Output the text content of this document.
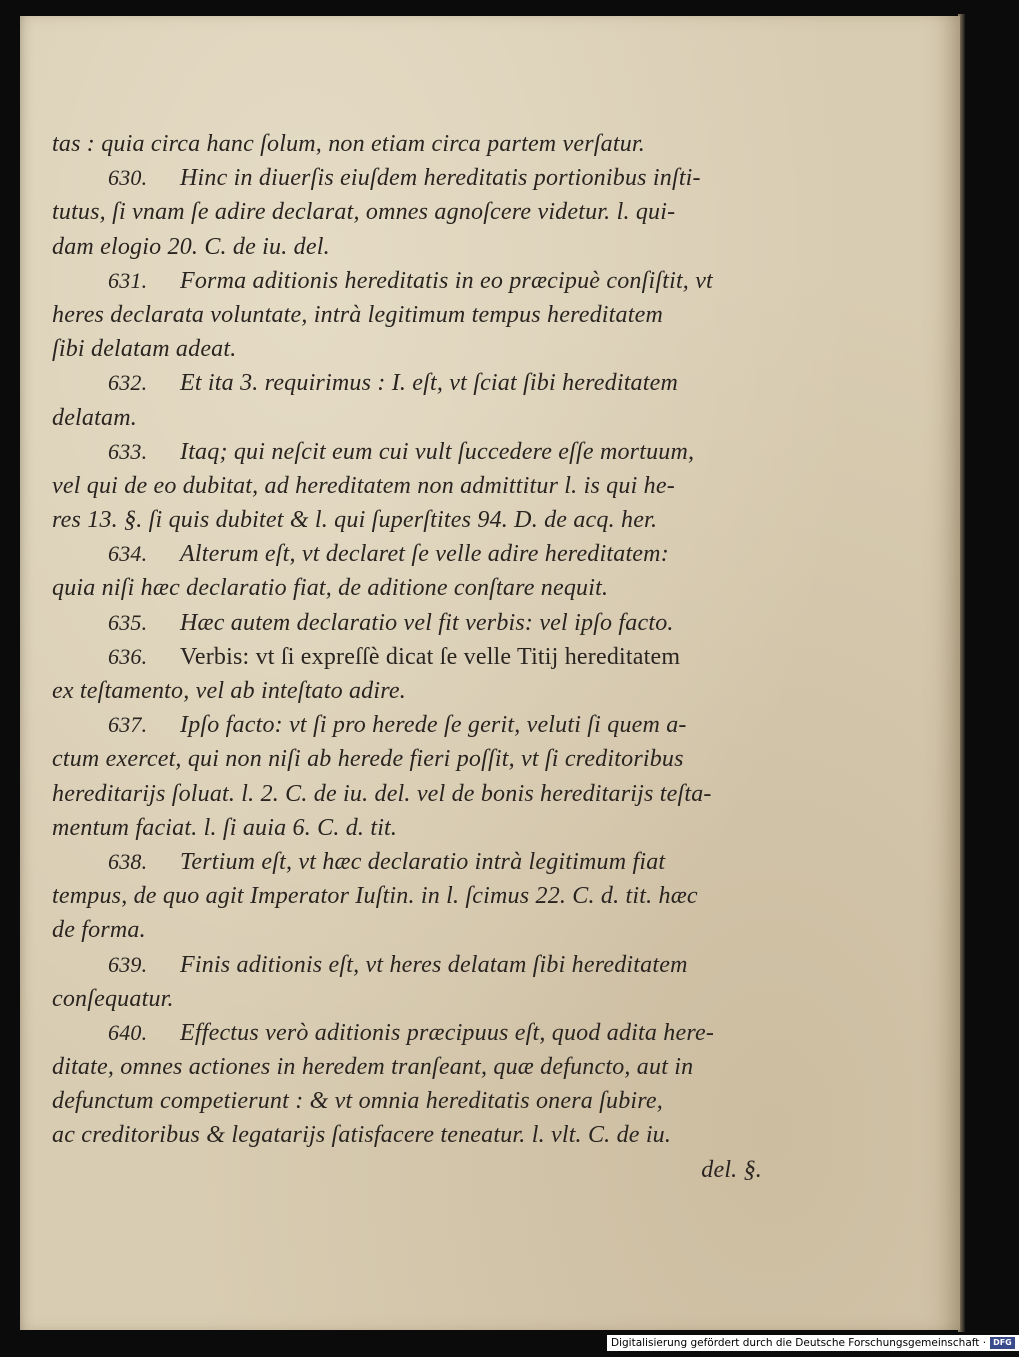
tas : quia circa hanc ſolum, non etiam circa partem verſatur.
630. Hinc in diuerſis eiuſdem hereditatis portionibus inſti-
tutus, ſi vnam ſe adire declarat, omnes agnoſcere videtur. l. qui-
dam elogio 20. C. de iu. del.
631. Forma aditionis hereditatis in eo præcipuè conſiſtit, vt
heres declarata voluntate, intrà legitimum tempus hereditatem
ſibi delatam adeat.
632. Et ita 3. requirimus : I. eſt, vt ſciat ſibi hereditatem
delatam.
633. Itaq; qui neſcit eum cui vult ſuccedere eſſe mortuum,
vel qui de eo dubitat, ad hereditatem non admittitur l. is qui he-
res 13. §. ſi quis dubitet & l. qui ſuperſtites 94. D. de acq. her.
634. Alterum eſt, vt declaret ſe velle adire hereditatem:
quia niſi hæc declaratio fiat, de aditione conſtare nequit.
635. Hæc autem declaratio vel fit verbis: vel ipſo facto.
636. Verbis: vt ſi expreſſè dicat ſe velle Titij hereditatem
ex teſtamento, vel ab inteſtato adire.
637. Ipſo facto: vt ſi pro herede ſe gerit, veluti ſi quem a-
ctum exercet, qui non niſi ab herede fieri poſſit, vt ſi creditoribus
hereditarijs ſoluat. l. 2. C. de iu. del. vel de bonis hereditarijs teſta-
mentum faciat. l. ſi auia 6. C. d. tit.
638. Tertium eſt, vt hæc declaratio intrà legitimum fiat
tempus, de quo agit Imperator Iuſtin. in l. ſcimus 22. C. d. tit. hæc
de forma.
639. Finis aditionis eſt, vt heres delatam ſibi hereditatem
conſequatur.
640. Effectus verò aditionis præcipuus eſt, quod adita here-
ditate, omnes actiones in heredem tranſeant, quæ defuncto, aut in
defunctum competierunt : & vt omnia hereditatis onera ſubire,
ac creditoribus & legatarijs ſatisfacere teneatur. l. vlt. C. de iu.
del. §.
Digitalisierung gefördert durch die Deutsche Forschungsgemeinschaft · DFG
